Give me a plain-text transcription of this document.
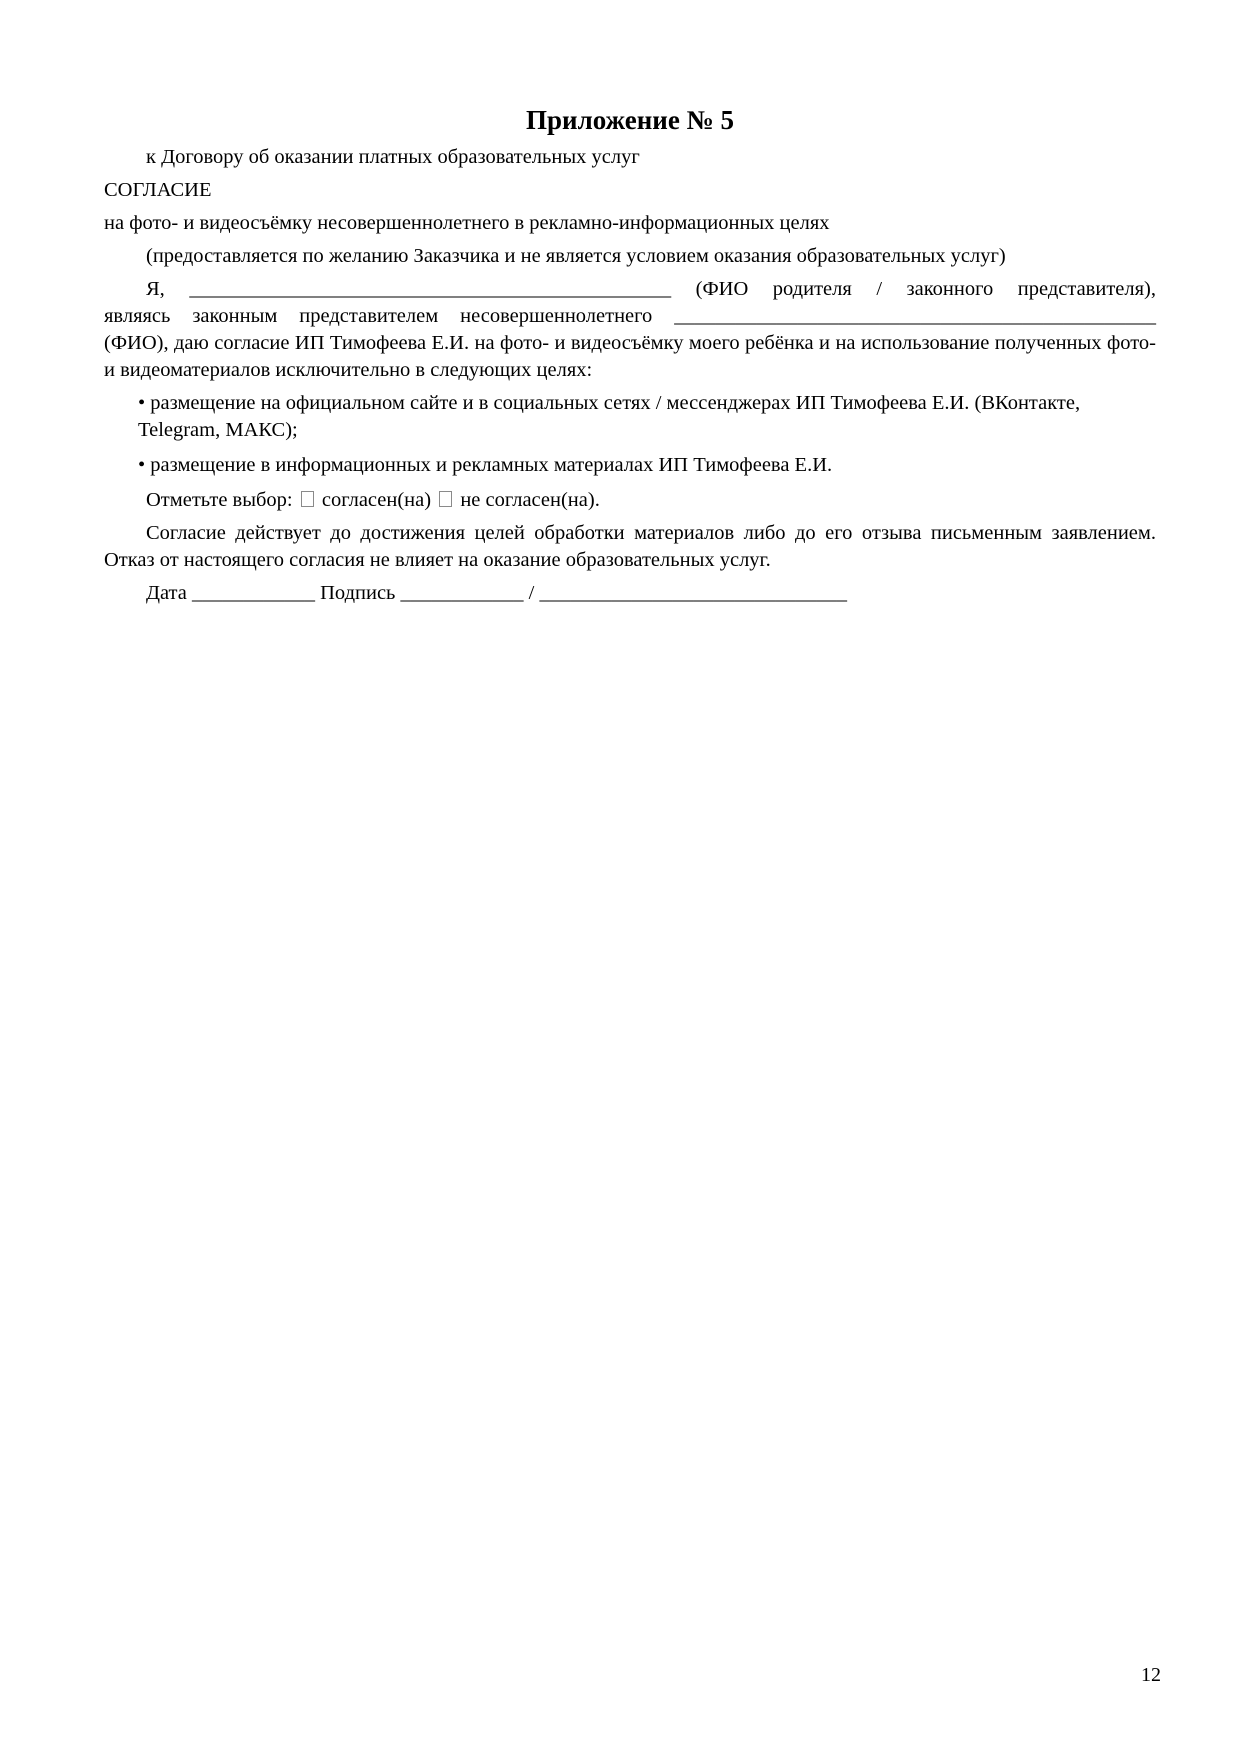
Приложение № 5

к Договору об оказании платных образовательных услуг

СОГЛАСИЕ

на фото- и видеосъёмку несовершеннолетнего в рекламно-информационных целях

(предоставляется по желанию Заказчика и не является условием оказания образовательных услуг)

Я, _______________________________________________ (ФИО родителя / законного представителя),
являясь законным представителем несовершеннолетнего _______________________________________________

(ФИО), даю согласие ИП Тимофеева Е.И. на фото- и видеосъёмку моего ребёнка и на использование полученных фото- и видеоматериалов исключительно в следующих целях:

• размещение на официальном сайте и в социальных сетях / мессенджерах ИП Тимофеева Е.И. (ВКонтакте, Telegram, МАКС);

• размещение в информационных и рекламных материалах ИП Тимофеева Е.И.

Отметьте выбор: согласен(на) не согласен(на).

Согласие действует до достижения целей обработки материалов либо до его отзыва письменным заявлением. Отказ от настоящего согласия не влияет на оказание образовательных услуг.

Дата ____________ Подпись ____________ / ______________________________

12
